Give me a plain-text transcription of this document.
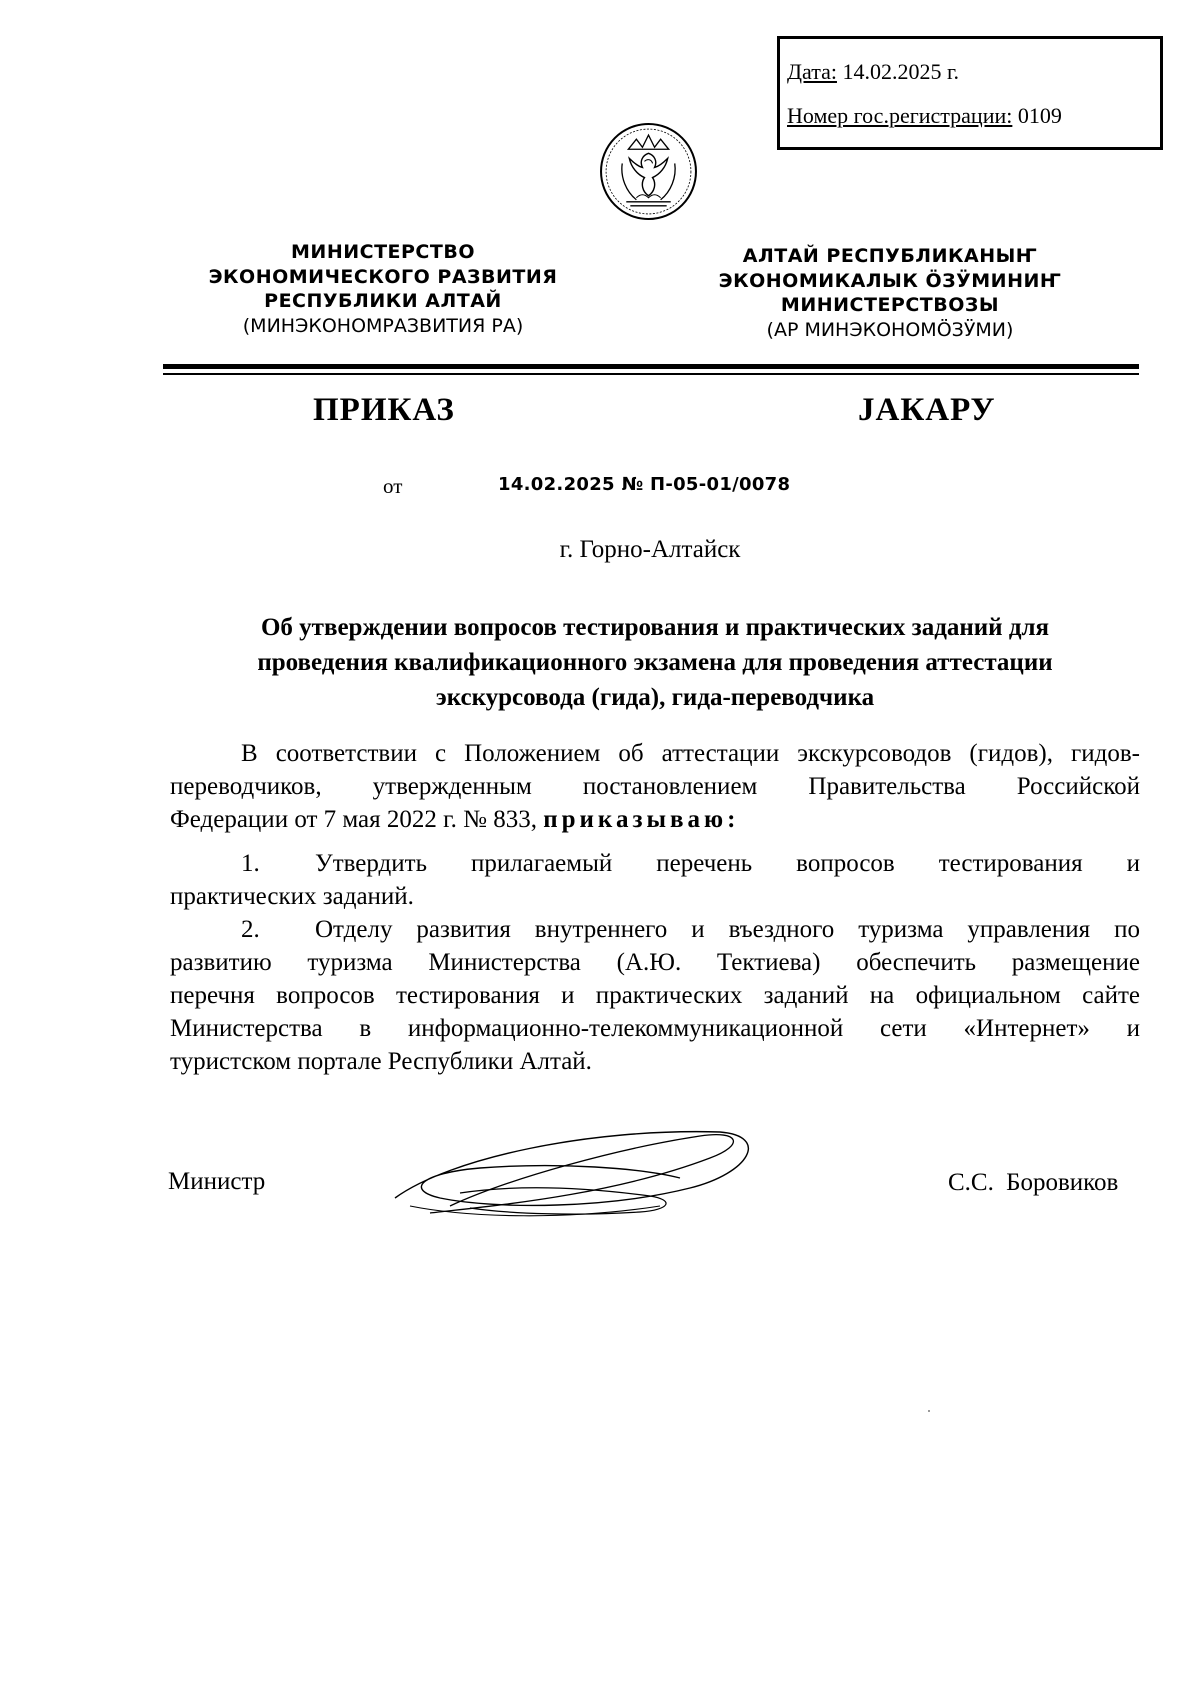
Дата: 14.02.2025 г.
Номер гос.регистрации: 0109
МИНИСТЕРСТВО
ЭКОНОМИЧЕСКОГО РАЗВИТИЯ
РЕСПУБЛИКИ АЛТАЙ
(МИНЭКОНОМРАЗВИТИЯ РА)
АЛТАЙ РЕСПУБЛИКАНЫҤ
ЭКОНОМИКАЛЫК ӦЗӰМИНИҤ
МИНИСТЕРСТВОЗЫ
(АР МИНЭКОНОМӦЗӰМИ)
ПРИКАЗ	JАКАРУ
от	14.02.2025 № П-05-01/0078
г. Горно-Алтайск
Об утверждении вопросов тестирования и практических заданий для
проведения квалификационного экзамена для проведения аттестации
экскурсовода (гида), гида-переводчика
В соответствии с Положением об аттестации экскурсоводов (гидов), гидов-
переводчиков, утвержденным постановлением Правительства Российской
Федерации от 7 мая 2022 г. № 833, приказываю:
1. Утвердить прилагаемый перечень вопросов тестирования и
практических заданий.
2. Отделу развития внутреннего и въездного туризма управления по
развитию туризма Министерства (А.Ю. Тектиева) обеспечить размещение
перечня вопросов тестирования и практических заданий на официальном сайте
Министерства в информационно-телекоммуникационной сети «Интернет» и
туристском портале Республики Алтай.
Министр	С.С. Боровиков
